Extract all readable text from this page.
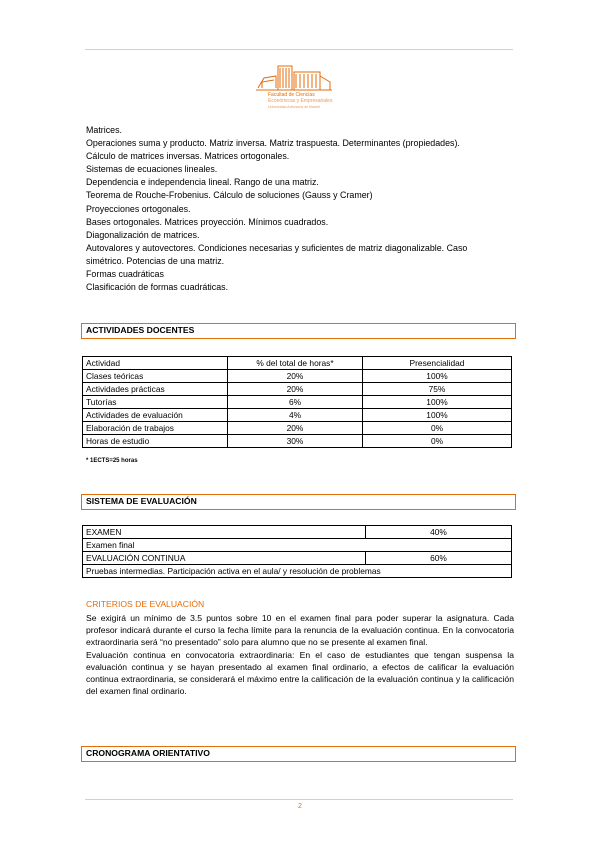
Facultad de Ciencias
Económicas y Empresariales
Universidad Autónoma de Madrid
Matrices.
Operaciones suma y producto. Matriz inversa. Matriz traspuesta. Determinantes (propiedades).
Cálculo de matrices inversas. Matrices ortogonales.
Sistemas de ecuaciones lineales.
Dependencia e independencia lineal. Rango de una matriz.
Teorema de Rouche-Frobenius. Cálculo de soluciones (Gauss y Cramer)
Proyecciones ortogonales.
Bases ortogonales. Matrices proyección. Mínimos cuadrados.
Diagonalización de matrices.
Autovalores y autovectores. Condiciones necesarias y suficientes de matriz diagonalizable. Caso
simétrico. Potencias de una matriz.
Formas cuadráticas
Clasificación de formas cuadráticas.
ACTIVIDADES DOCENTES
Actividad	% del total de horas*	Presencialidad
Clases teóricas	20%	100%
Actividades prácticas	20%	75%
Tutorías	6%	100%
Actividades de evaluación	4%	100%
Elaboración de trabajos	20%	0%
Horas de estudio	30%	0%
* 1ECTS=25 horas
SISTEMA DE EVALUACIÓN
EXAMEN	40%
Examen final	
EVALUACIÓN CONTINUA	60%
Pruebas intermedias. Participación activa en el aula/ y resolución de problemas	
CRITERIOS DE EVALUACIÓN

Se exigirá un mínimo de 3.5 puntos sobre 10 en el examen final para poder superar la asignatura. Cada profesor indicará durante el curso la fecha límite para la renuncia de la evaluación continua. En la convocatoria extraordinaria será “no presentado” solo para alumno que no se presente al examen final.

Evaluación continua en convocatoria extraordinaria: En el caso de estudiantes que tengan suspensa la evaluación continua y se hayan presentado al examen final ordinario, a efectos de calificar la evaluación continua extraordinaria, se considerará el máximo entre la calificación de la evaluación continua y la calificación del examen final ordinario.

CRONOGRAMA ORIENTATIVO
2
